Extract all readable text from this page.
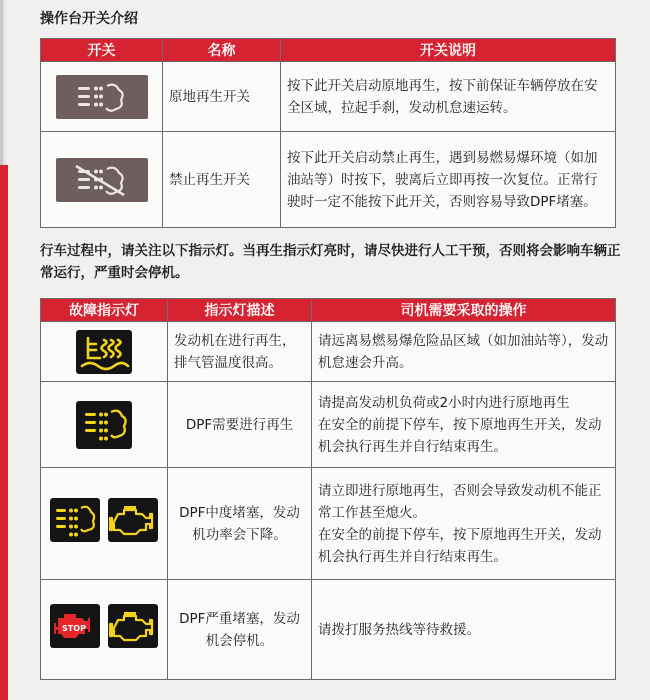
操作台开关介绍
开关	名称	开关说明

	原地再生开关	按下此开关启动原地再生，按下前保证车辆停放在安全区域，拉起手刹，发动机怠速运转。

	禁止再生开关	按下此开关启动禁止再生，遇到易燃易爆环境（如加油站等）时按下，驶离后立即再按一次复位。正常行驶时一定不能按下此开关，否则容易导致DPF堵塞。
行车过程中，请关注以下指示灯。当再生指示灯亮时，请尽快进行人工干预，否则将会影响车辆正常运行，严重时会停机。
故障指示灯	指示灯描述	司机需要采取的操作

	发动机在进行再生，排气管温度很高。	请远离易燃易爆危险品区域（如加油站等），发动机怠速会升高。

	DPF需要进行再生	请提高发动机负荷或2小时内进行原地再生
在安全的前提下停车，按下原地再生开关，发动机会执行再生并自行结束再生。

	DPF中度堵塞，发动机功率会下降。	请立即进行原地再生，否则会导致发动机不能正常工作甚至熄火。
在安全的前提下停车，按下原地再生开关，发动机会执行再生并自行结束再生。

STOP	DPF严重堵塞，发动机会停机。	请拨打服务热线等待救援。
